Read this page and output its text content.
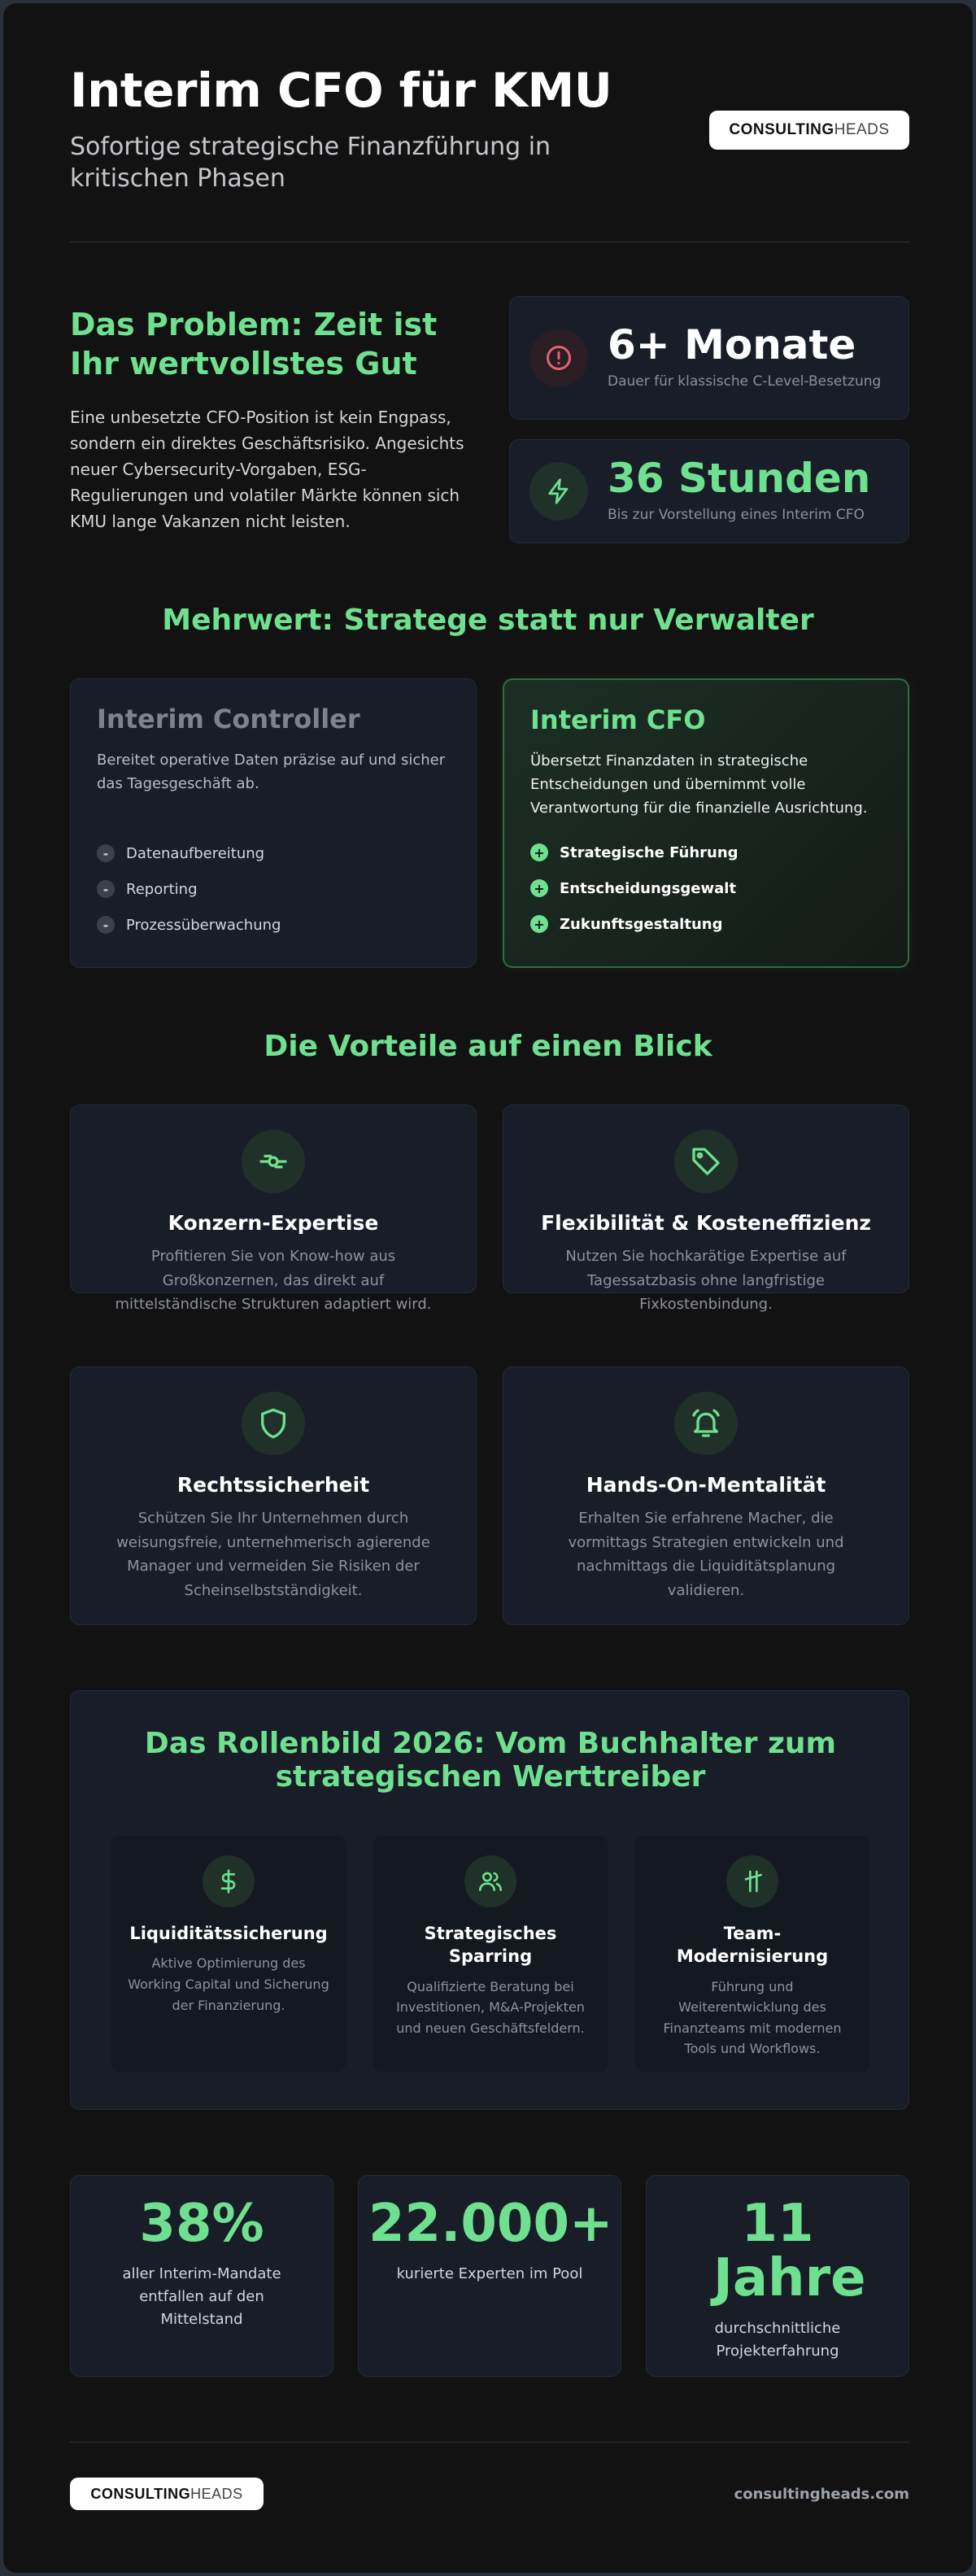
Interim CFO für KMU
Sofortige strategische Finanzführung in kritischen Phasen
CONSULTING HEADS
Das Problem: Zeit ist Ihr wertvollstes Gut
Eine unbesetzte CFO-Position ist kein Engpass, sondern ein direktes Geschäftsrisiko. Angesichts neuer Cybersecurity-Vorgaben, ESG-Regulierungen und volatiler Märkte können sich KMU lange Vakanzen nicht leisten.
6+ Monate
Dauer für klassische C-Level-Besetzung
36 Stunden
Bis zur Vorstellung eines Interim CFO
Mehrwert: Stratege statt nur Verwalter
Interim Controller

Bereitet operative Daten präzise auf und sicher das Tagesgeschäft ab.

-	Datenaufbereitung
-	Reporting
-	Prozessüberwachung
Interim CFO

Übersetzt Finanzdaten in strategische Entscheidungen und übernimmt volle Verantwortung für die finanzielle Ausrichtung.

+ Strategische Führung
+ Entscheidungsgewalt
+ Zukunftsgestaltung
Die Vorteile auf einen Blick
Konzern-Expertise

Profitieren Sie von Know-how aus Großkonzernen, das direkt auf mittelständische Strukturen adaptiert wird.

Flexibilität & Kosteneffizienz

Nutzen Sie hochkarätige Expertise auf Tagessatzbasis ohne langfristige Fixkostenbindung.

Rechtssicherheit

Schützen Sie Ihr Unternehmen durch weisungsfreie, unternehmerisch agierende Manager und vermeiden Sie Risiken der Scheinselbstständigkeit.

Hands-On-Mentalität

Erhalten Sie erfahrene Macher, die vormittags Strategien entwickeln und nachmittags die Liquiditätsplanung validieren.

Das Rollenbild 2026: Vom Buchhalter zum strategischen Werttreiber
Liquiditätssicherung

Aktive Optimierung des Working Capital und Sicherung der Finanzierung.

Strategisches Sparring

Qualifizierte Beratung bei Investitionen, M&A-Projekten und neuen Geschäftsfeldern.

Team-Modernisierung

Führung und Weiterentwicklung des Finanzteams mit modernen Tools und Workflows.

38%
aller Interim-Mandate entfallen auf den Mittelstand
22.000+
kurierte Experten im Pool
11 Jahre
durchschnittliche Projekterfahrung
CONSULTING HEADS	consultingheads.com
